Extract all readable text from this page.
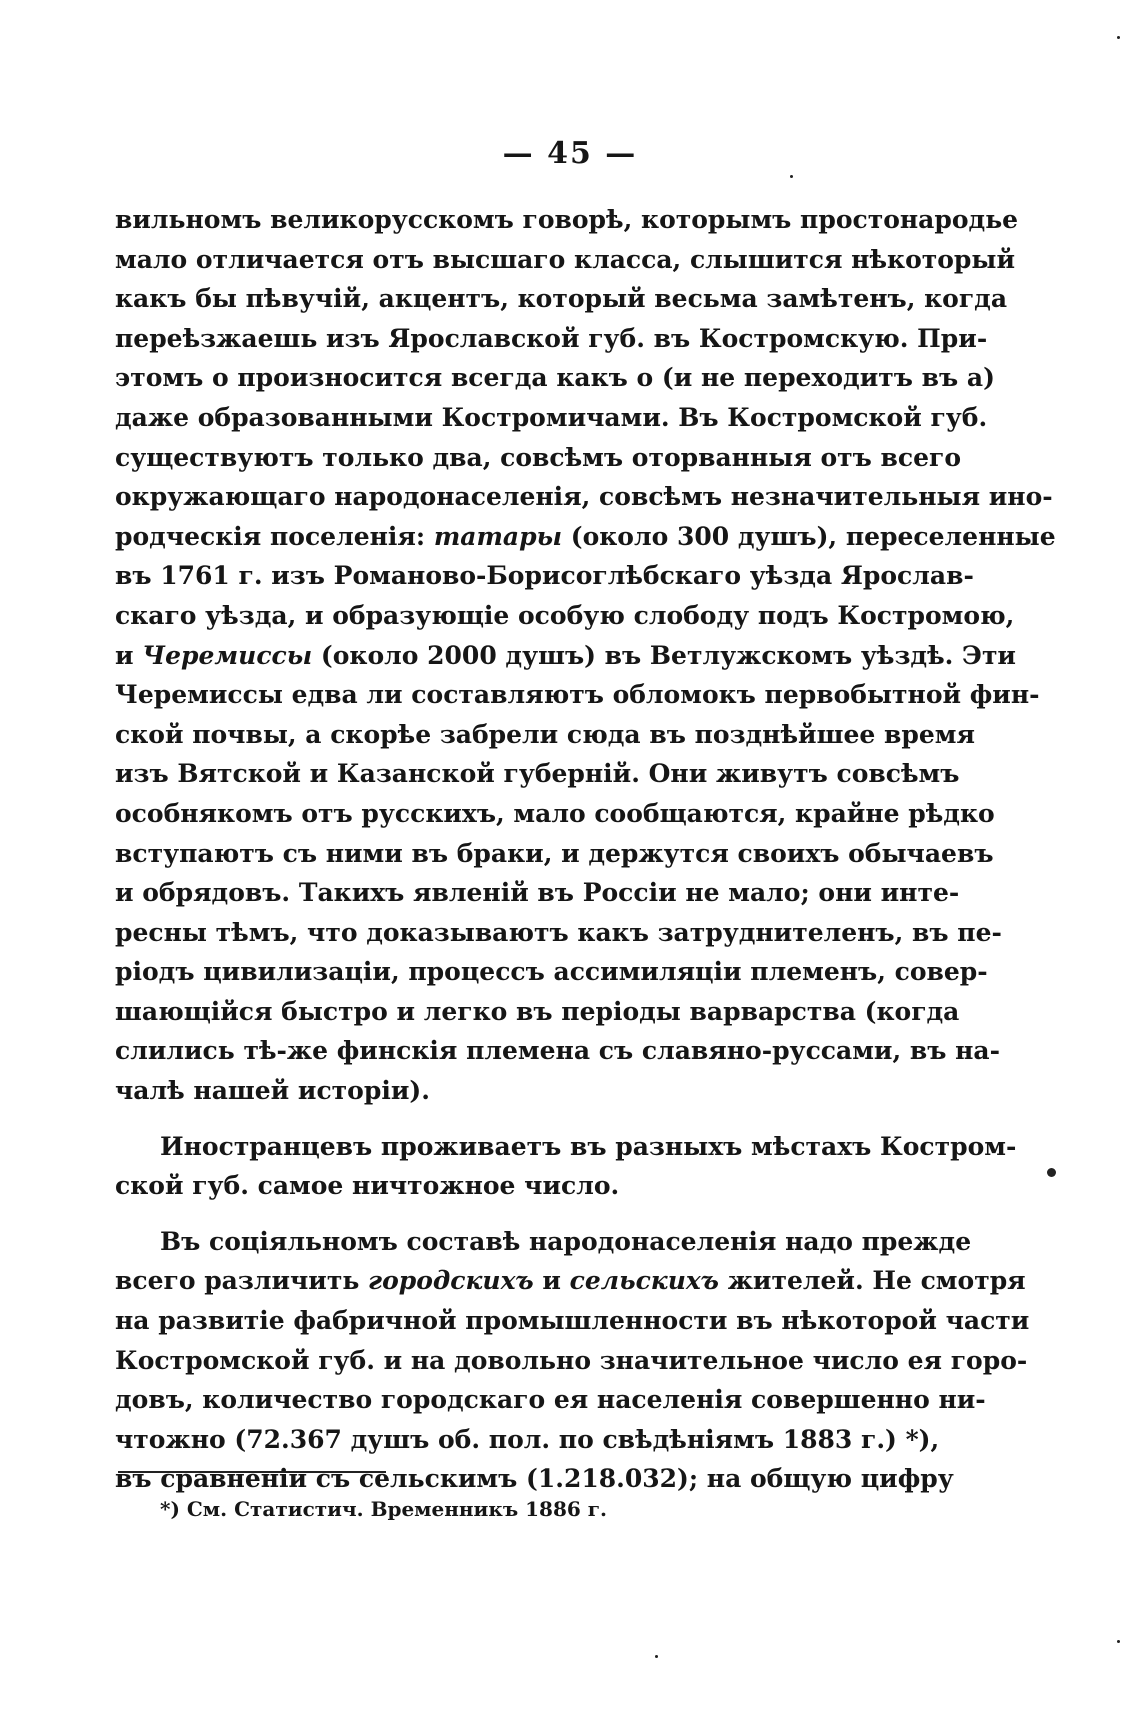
— 45 —
вильномъ великорусскомъ говорѣ, которымъ простонародье
мало отличается отъ высшаго класса, слышится нѣкоторый
какъ бы пѣвучій, акцентъ, который весьма замѣтенъ, когда
переѣзжаешь изъ Ярославской губ. въ Костромскую. При-
этомъ о произносится всегда какъ о (и не переходитъ въ а)
даже образованными Костромичами. Въ Костромской губ.
существуютъ только два, совсѣмъ оторванныя отъ всего
окружающаго народонаселенія, совсѣмъ незначительныя ино-
родческія поселенія: татары (около 300 душъ), переселенные
въ 1761 г. изъ Романово-Борисоглѣбскаго уѣзда Ярослав-
скаго уѣзда, и образующіе особую слободу подъ Костромою,
и Черемиссы (около 2000 душъ) въ Ветлужскомъ уѣздѣ. Эти
Черемиссы едва ли составляютъ обломокъ первобытной фин-
ской почвы, а скорѣе забрели сюда въ позднѣйшее время
изъ Вятской и Казанской губерній. Они живутъ совсѣмъ
особнякомъ отъ русскихъ, мало сообщаются, крайне рѣдко
вступаютъ съ ними въ браки, и держутся своихъ обычаевъ
и обрядовъ. Такихъ явленій въ Россіи не мало; они инте-
ресны тѣмъ, что доказываютъ какъ затруднителенъ, въ пе-
ріодъ цивилизаціи, процессъ ассимиляціи племенъ, совер-
шающійся быстро и легко въ періоды варварства (когда
слились тѣ-же финскія племена съ славяно-руссами, въ на-
чалѣ нашей исторіи).
Иностранцевъ проживаетъ въ разныхъ мѣстахъ Костром-
ской губ. самое ничтожное число.
Въ соціяльномъ составѣ народонаселенія надо прежде
всего различить городскихъ и сельскихъ жителей. Не смотря
на развитіе фабричной промышленности въ нѣкоторой части
Костромской губ. и на довольно значительное число ея горо-
довъ, количество городскаго ея населенія совершенно ни-
чтожно (72.367 душъ об. пол. по свѣдѣніямъ 1883 г.) *),
въ сравненіи съ сельскимъ (1.218.032); на общую цифру
*) См. Статистич. Временникъ 1886 г.
